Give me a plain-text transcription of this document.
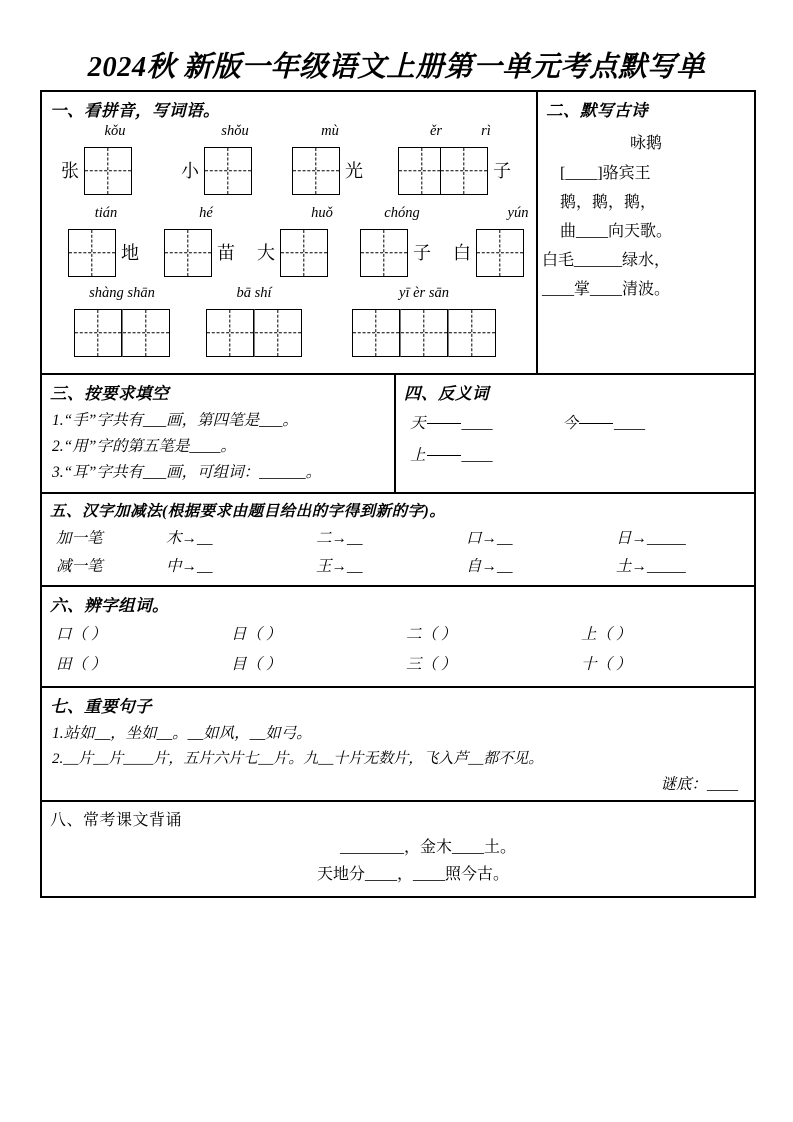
2024秋 新版一年级语文上册第一单元考点默写单
一、看拼音，写词语。
kǒu
张
shǒu
小
mù
光
ěr	rì
子
tián
地
hé
苗
huǒ
大
chóng
子
yún
白
shàng shān	bā shí	yī èr sān
二、默写古诗
咏鹅
[____]骆宾王
鹅，鹅，鹅，
曲____向天歌。
白毛______绿水，
____掌____清波。
三、按要求填空
1.“手”字共有___画，第四笔是___。
2.“用”字的第五笔是____。
3.“耳”字共有___画，可组词：______。
四、反义词
天 ____	今 ____
上 ____
五、汉字加减法(根据要求由题目给出的字得到新的字)。
加一笔	木→__	二→__	口→__	日→_____
减一笔	中→__	王→__	自→__	土→_____
六、辨字组词。
口（ ）	日（ ）	二（ ）	上（ ）
田（ ）	目（ ）	三（ ）	十（ ）
七、重要句子
1.站如__，坐如__。__如风，__如弓。
2.__片__片____片，五片六片七__片。九__十片无数片，飞入芦__都不见。
谜底：____
八、常考课文背诵
________，金木____土。
天地分____，____照今古。
